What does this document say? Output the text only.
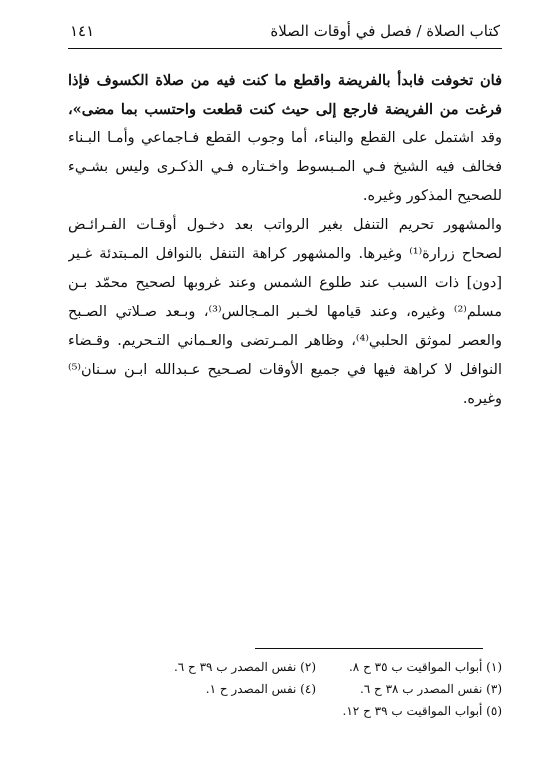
كتاب الصلاة / فصل في أوقات الصلاة
١٤١
فان تخوفت فابدأ بالفريضة واقطع ما كنت فيه من صلاة الكسوف فإذا
فرغت من الفريضة فارجع إلى حيث كنت قطعت واحتسب بما مضى»،
وقد اشتمل على القطع والبناء، أما وجوب القطع فـاجماعي وأمـا البـناء
فخالف فيه الشيخ فـي المـبسوط واخـتاره فـي الذكـرى وليس بشـيء
للصحيح المذكور وغيره.
والمشهور تحريم التنفل بغير الرواتب بعد دخـول أوقـات الفـرائـض
لصحاح زرارة⁽¹⁾ وغيرها. والمشهور كراهة التنفل بالنوافل المـبتدئة غـير
[دون] ذات السبب عند طلوع الشمس وعند غروبها لصحيح محمّد بـن
مسلم⁽²⁾ وغيره، وعند قيامها لخـبر المـجالس⁽³⁾، وبـعد صـلاتي الصـبح
والعصر لموثق الحلبي⁽⁴⁾، وظاهر المـرتضى والعـماني التـحريم. وقـضاء
النوافل لا كراهة فيها في جميع الأوقات لصـحيح عـبدالله ابـن سـنان⁽⁵⁾
وغيره.
(١) أبواب المواقيت ب ٣٥ ح ٨.
(٢) نفس المصدر ب ٣٩ ح ٦.
(٣) نفس المصدر ب ٣٨ ح ٦.
(٤) نفس المصدر ح ١.
(٥) أبواب المواقيت ب ٣٩ ح ١٢.
